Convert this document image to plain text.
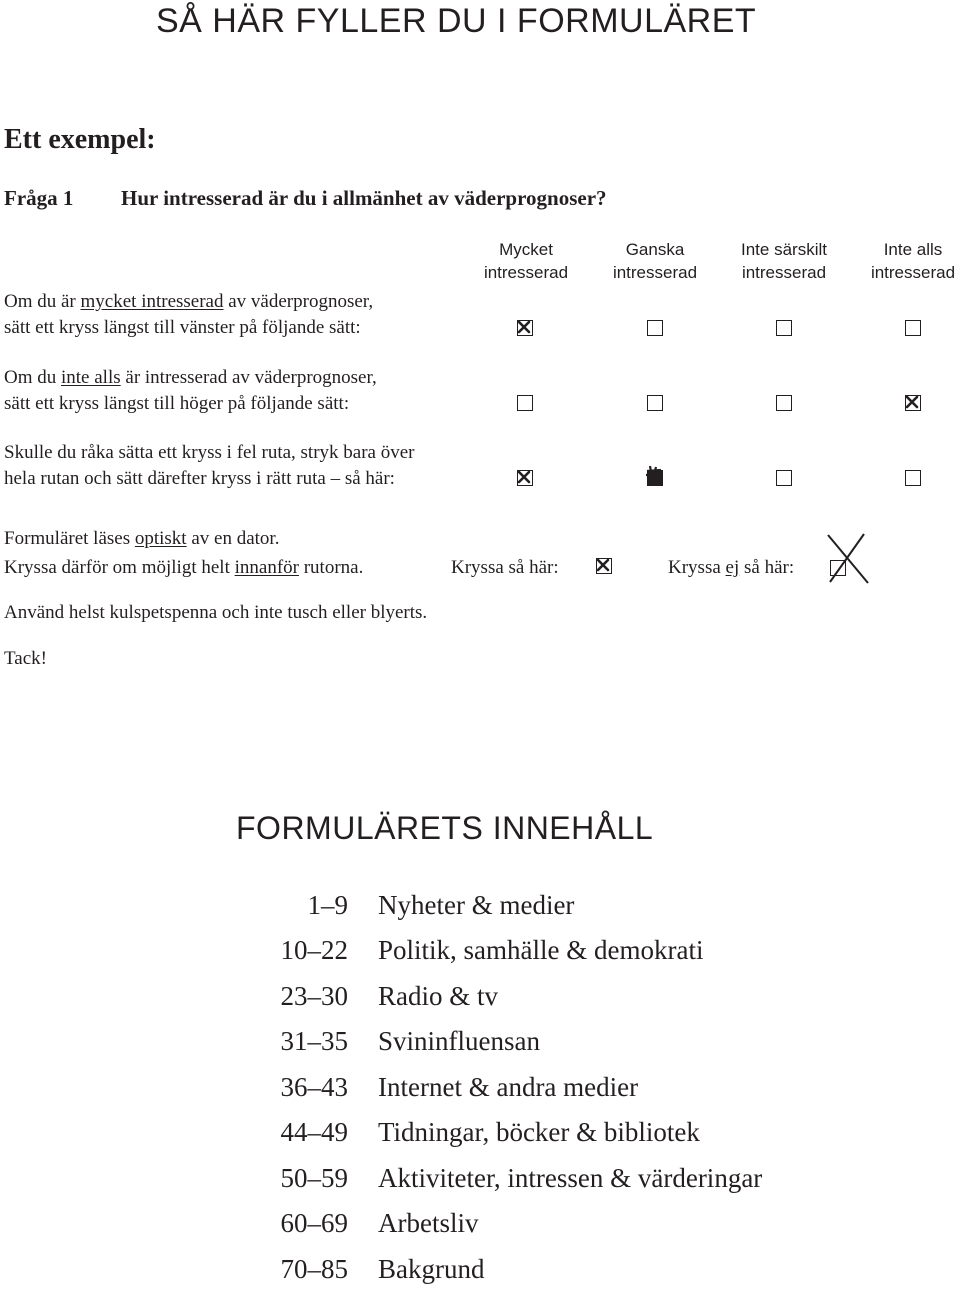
SÅ HÄR FYLLER DU I FORMULÄRET
Ett exempel:
Fråga 1 Hur intresserad är du i allmänhet av väderprognoser?
Mycket
intresserad
Ganska
intresserad
Inte särskilt
intresserad
Inte alls
intresserad
Om du är mycket intresserad av väderprognoser,
sätt ett kryss längst till vänster på följande sätt:
Om du inte alls är intresserad av väderprognoser,
sätt ett kryss längst till höger på följande sätt:
Skulle du råka sätta ett kryss i fel ruta, stryk bara över
hela rutan och sätt därefter kryss i rätt ruta – så här:
Formuläret läses optiskt av en dator.
Kryssa därför om möjligt helt innanför rutorna.	Kryssa så här:	Kryssa ej så här:
Använd helst kulspetspenna och inte tusch eller blyerts.
Tack!
FORMULÄRETS INNEHÅLL
1–9 Nyheter & medier
10–22 Politik, samhälle & demokrati
23–30 Radio & tv
31–35 Svininfluensan
36–43 Internet & andra medier
44–49 Tidningar, böcker & bibliotek
50–59 Aktiviteter, intressen & värderingar
60–69 Arbetsliv
70–85 Bakgrund
